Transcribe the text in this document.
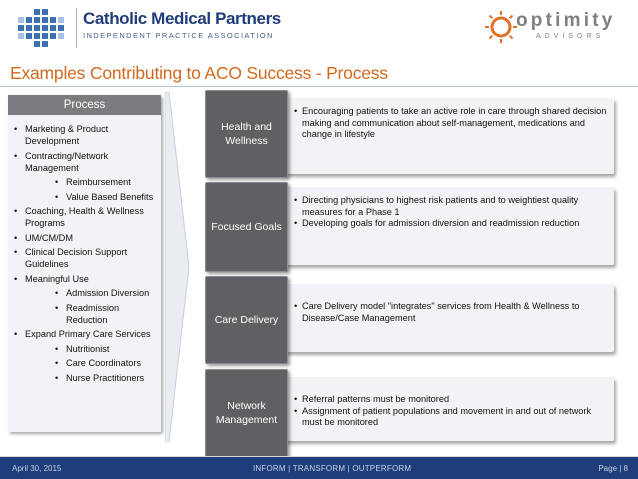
Catholic Medical Partners
INDEPENDENT PRACTICE ASSOCIATION
optimity
ADVISORS
Examples Contributing to ACO Success - Process
Process
• Marketing & Product Development
• Contracting/Network Management
• Reimbursement
• Value Based Benefits
• Coaching, Health & Wellness Programs
• UM/CM/DM
• Clinical Decision Support Guidelines
• Meaningful Use
• Admission Diversion
• Readmission Reduction
• Expand Primary Care Services
• Nutritionist
• Care Coordinators
• Nurse Practitioners
• Encouraging patients to take an active role in care through shared decision making and communication about self-management, medications and change in lifestyle
Health and Wellness
• Directing physicians to highest risk patients and to weightiest quality measures for a Phase 1
• Developing goals for admission diversion and readmission reduction
Focused Goals
• Care Delivery model "integrates" services from Health & Wellness to Disease/Case Management
Care Delivery
• Referral patterns must be monitored
• Assignment of patient populations and movement in and out of network must be monitored
Network Management
April 30, 2015	INFORM | TRANSFORM | OUTPERFORM	Page | 8
